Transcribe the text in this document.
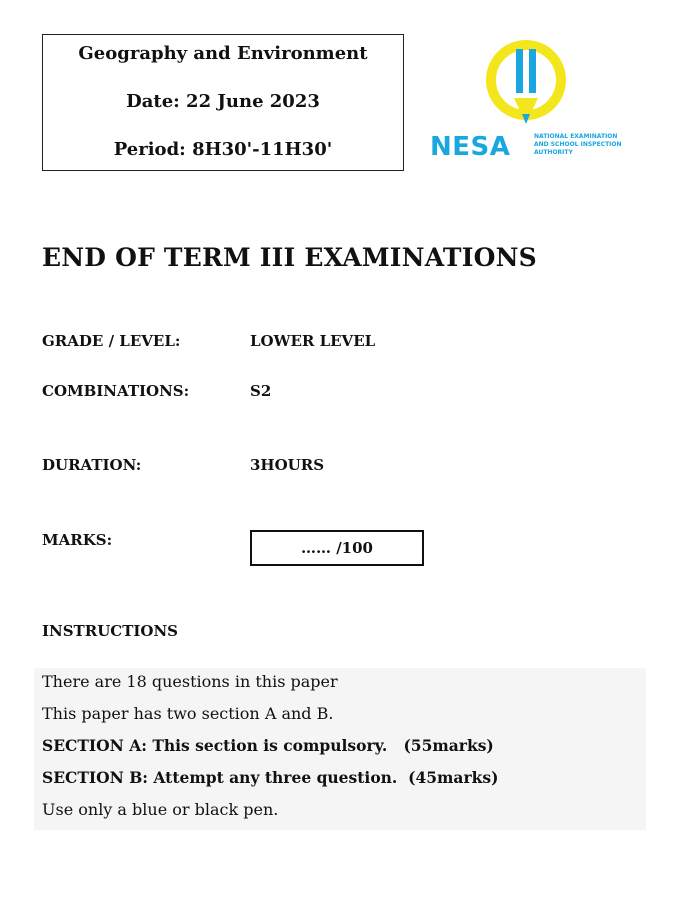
Geography and Environment
Date: 22 June 2023
Period: 8H30'-11H30'	NESA	NATIONAL EXAMINATION
AND SCHOOL INSPECTION
AUTHORITY
END OF TERM III EXAMINATIONS
GRADE / LEVEL:	LOWER LEVEL
COMBINATIONS:	S2
DURATION:	3HOURS
MARKS:	…… /100
INSTRUCTIONS
There are 18 questions in this paper
This paper has two section A and B.
SECTION A: This section is compulsory.   (55marks)
SECTION B: Attempt any three question.  (45marks)
Use only a blue or black pen.
